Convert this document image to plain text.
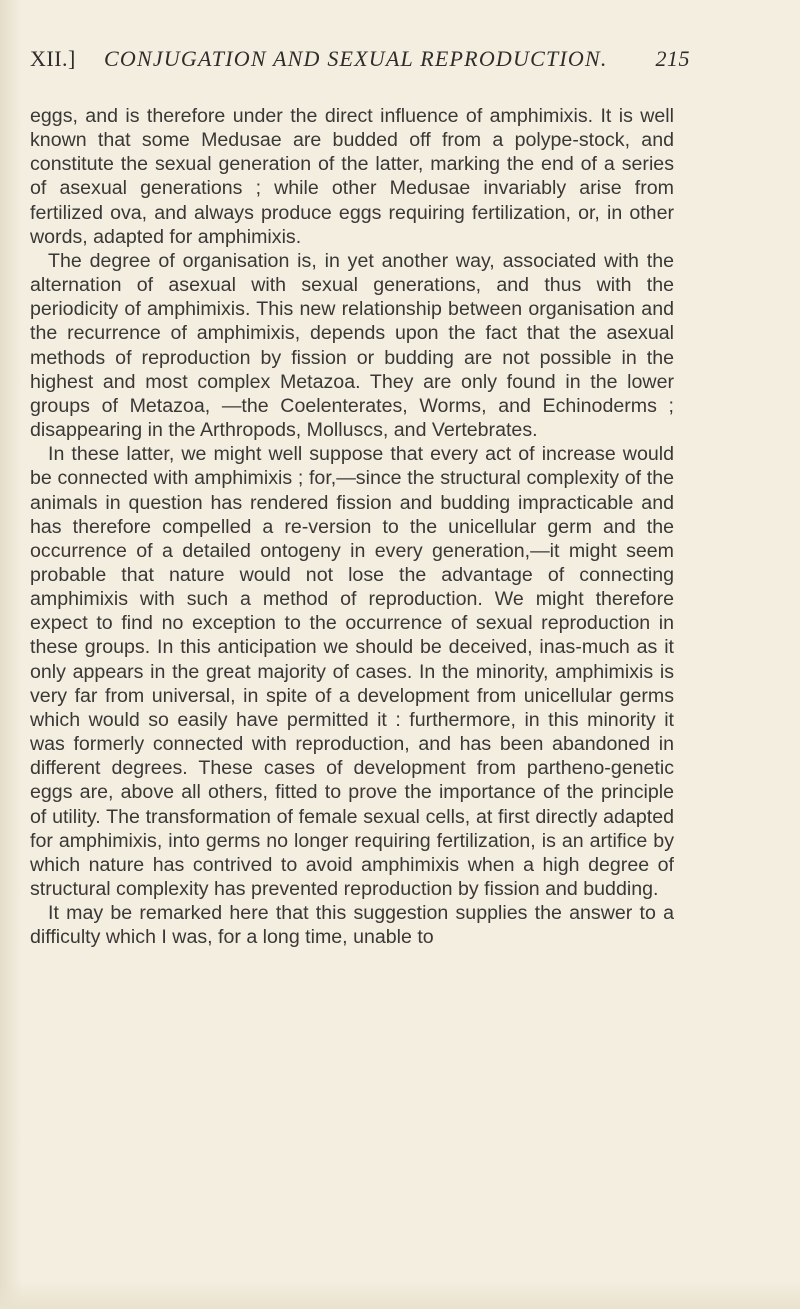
XII.] CONJUGATION AND SEXUAL REPRODUCTION. 215

eggs, and is therefore under the direct influence of amphimixis. It is well known that some Medusae are budded off from a polype-stock, and constitute the sexual generation of the latter, marking the end of a series of asexual generations ; while other Medusae invariably arise from fertilized ova, and always produce eggs requiring fertilization, or, in other words, adapted for amphimixis.

The degree of organisation is, in yet another way, associated with the alternation of asexual with sexual generations, and thus with the periodicity of amphimixis. This new relationship between organisation and the recurrence of amphimixis, depends upon the fact that the asexual methods of reproduction by fission or budding are not possible in the highest and most complex Metazoa. They are only found in the lower groups of Metazoa, —the Coelenterates, Worms, and Echinoderms ; disappearing in the Arthropods, Molluscs, and Vertebrates.

In these latter, we might well suppose that every act of increase would be connected with amphimixis ; for,—since the structural complexity of the animals in question has rendered fission and budding impracticable and has therefore compelled a re-version to the unicellular germ and the occurrence of a detailed ontogeny in every generation,—it might seem probable that nature would not lose the advantage of connecting amphimixis with such a method of reproduction. We might therefore expect to find no exception to the occurrence of sexual reproduction in these groups. In this anticipation we should be deceived, inas-much as it only appears in the great majority of cases. In the minority, amphimixis is very far from universal, in spite of a development from unicellular germs which would so easily have permitted it : furthermore, in this minority it was formerly connected with reproduction, and has been abandoned in different degrees. These cases of development from partheno-genetic eggs are, above all others, fitted to prove the importance of the principle of utility. The transformation of female sexual cells, at first directly adapted for amphimixis, into germs no longer requiring fertilization, is an artifice by which nature has contrived to avoid amphimixis when a high degree of structural complexity has prevented reproduction by fission and budding.

It may be remarked here that this suggestion supplies the answer to a difficulty which I was, for a long time, unable to
